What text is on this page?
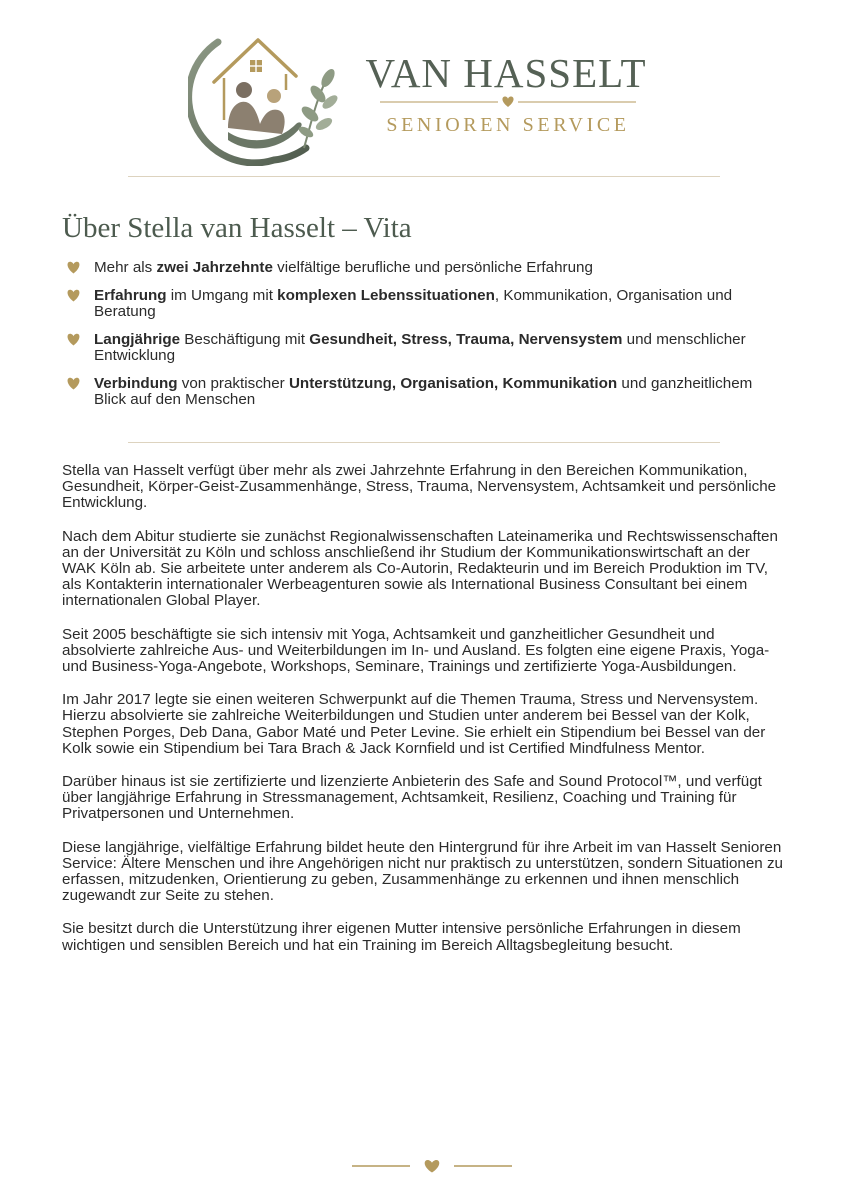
VAN HASSELT
SENIOREN SERVICE
Über Stella van Hasselt – Vita
Mehr als zwei Jahrzehnte vielfältige berufliche und persönliche Erfahrung
Erfahrung im Umgang mit komplexen Lebenssituationen, Kommunikation, Organisation und Beratung
Langjährige Beschäftigung mit Gesundheit, Stress, Trauma, Nervensystem und menschlicher Entwicklung
Verbindung von praktischer Unterstützung, Organisation, Kommunikation und ganzheitlichem Blick auf den Menschen

Stella van Hasselt verfügt über mehr als zwei Jahrzehnte Erfahrung in den Bereichen Kommunikation, Gesundheit, Körper-Geist-Zusammenhänge, Stress, Trauma, Nervensystem, Achtsamkeit und persönliche Entwicklung.

Nach dem Abitur studierte sie zunächst Regionalwissenschaften Lateinamerika und Rechtswissenschaften an der Universität zu Köln und schloss anschließend ihr Studium der Kommunikationswirtschaft an der WAK Köln ab. Sie arbeitete unter anderem als Co-Autorin, Redakteurin und im Bereich Produktion im TV, als Kontakterin internationaler Werbeagenturen sowie als International Business Consultant bei einem internationalen Global Player.

Seit 2005 beschäftigte sie sich intensiv mit Yoga, Achtsamkeit und ganzheitlicher Gesundheit und absolvierte zahlreiche Aus- und Weiterbildungen im In- und Ausland. Es folgten eine eigene Praxis, Yoga- und Business-Yoga-Angebote, Workshops, Seminare, Trainings und zertifizierte Yoga-Ausbildungen.

Im Jahr 2017 legte sie einen weiteren Schwerpunkt auf die Themen Trauma, Stress und Nervensystem. Hierzu absolvierte sie zahlreiche Weiterbildungen und Studien unter anderem bei Bessel van der Kolk, Stephen Porges, Deb Dana, Gabor Maté und Peter Levine. Sie erhielt ein Stipendium bei Bessel van der Kolk sowie ein Stipendium bei Tara Brach & Jack Kornfield und ist Certified Mindfulness Mentor.

Darüber hinaus ist sie zertifizierte und lizenzierte Anbieterin des Safe and Sound Protocol™, und verfügt über langjährige Erfahrung in Stressmanagement, Achtsamkeit, Resilienz, Coaching und Training für Privatpersonen und Unternehmen.

Diese langjährige, vielfältige Erfahrung bildet heute den Hintergrund für ihre Arbeit im van Hasselt Senioren Service: Ältere Menschen und ihre Angehörigen nicht nur praktisch zu unterstützen, sondern Situationen zu erfassen, mitzudenken, Orientierung zu geben, Zusammenhänge zu erkennen und ihnen menschlich zugewandt zur Seite zu stehen.

Sie besitzt durch die Unterstützung ihrer eigenen Mutter intensive persönliche Erfahrungen in diesem wichtigen und sensiblen Bereich und hat ein Training im Bereich Alltagsbegleitung besucht.
